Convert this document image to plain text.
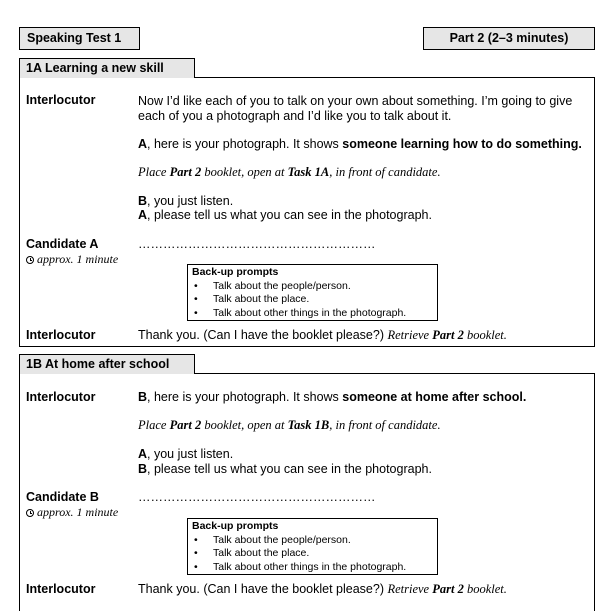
Speaking Test 1	Part 2 (2–3 minutes)
1A Learning a new skill
Interlocutor	Now I’d like each of you to talk on your own about something. I’m going to give
each of you a photograph and I’d like you to talk about it.
A, here is your photograph. It shows someone learning how to do something.
Place Part 2 booklet, open at Task 1A, in front of candidate.
B, you just listen.
A, please tell us what you can see in the photograph.
Candidate A
approx. 1 minute
…………………………………………………
Back-up prompts
• Talk about the people/person.
• Talk about the place.
• Talk about other things in the photograph.
Interlocutor	Thank you. (Can I have the booklet please?) Retrieve Part 2 booklet.
1B At home after school
Interlocutor	B, here is your photograph. It shows someone at home after school.
Place Part 2 booklet, open at Task 1B, in front of candidate.
A, you just listen.
B, please tell us what you can see in the photograph.
Candidate B
approx. 1 minute
…………………………………………………
Back-up prompts
• Talk about the people/person.
• Talk about the place.
• Talk about other things in the photograph.
Interlocutor	Thank you. (Can I have the booklet please?) Retrieve Part 2 booklet.
